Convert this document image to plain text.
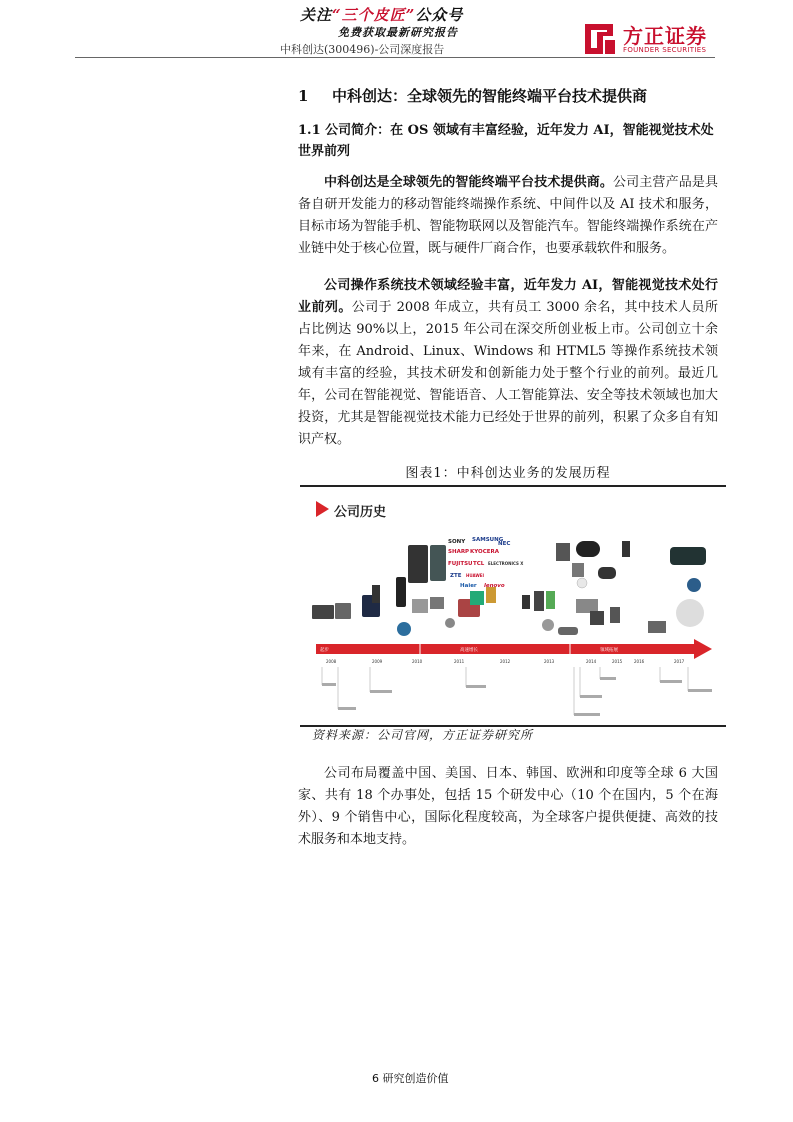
关注“三个皮匠”公众号
免费获取最新研究报告
中科创达(300496)-公司深度报告
方正证券
FOUNDER SECURITIES
1 中科创达：全球领先的智能终端平台技术提供商
1.1 公司简介：在 OS 领域有丰富经验，近年发力 AI，智能视觉技术处世界前列
中科创达是全球领先的智能终端平台技术提供商。公司主营产品是具备自研开发能力的移动智能终端操作系统、中间件以及 AI 技术和服务，目标市场为智能手机、智能物联网以及智能汽车。智能终端操作系统在产业链中处于核心位置，既与硬件厂商合作，也要承载软件和服务。
公司操作系统技术领域经验丰富，近年发力 AI，智能视觉技术处行业前列。公司于 2008 年成立，共有员工 3000 余名，其中技术人员所占比例达 90%以上，2015 年公司在深交所创业板上市。公司创立十余年来，在 Android、Linux、Windows 和 HTML5 等操作系统技术领域有丰富的经验，其技术研发和创新能力处于整个行业的前列。最近几年，公司在智能视觉、智能语音、人工智能算法、安全等技术领域也加大投资，尤其是智能视觉技术能力已经处于世界的前列，积累了众多自有知识产权。
图表1：中科创达业务的发展历程
公司历史
SONY SAMSUNG
NEC
SHARP KYOCERA
FUJITSU TCL ELECTRONICS X
ZTE HUAWEI
Haier lenovo
起步	高速增长	领域拓展
2008	2009	2010	2011	2012	2013	2014	2015	2016	2017
资料来源：公司官网，方正证券研究所
公司布局覆盖中国、美国、日本、韩国、欧洲和印度等全球 6 大国家、共有 18 个办事处，包括 15 个研发中心（10 个在国内，5 个在海外）、9 个销售中心，国际化程度较高，为全球客户提供便捷、高效的技术服务和本地支持。
6 研究创造价值
